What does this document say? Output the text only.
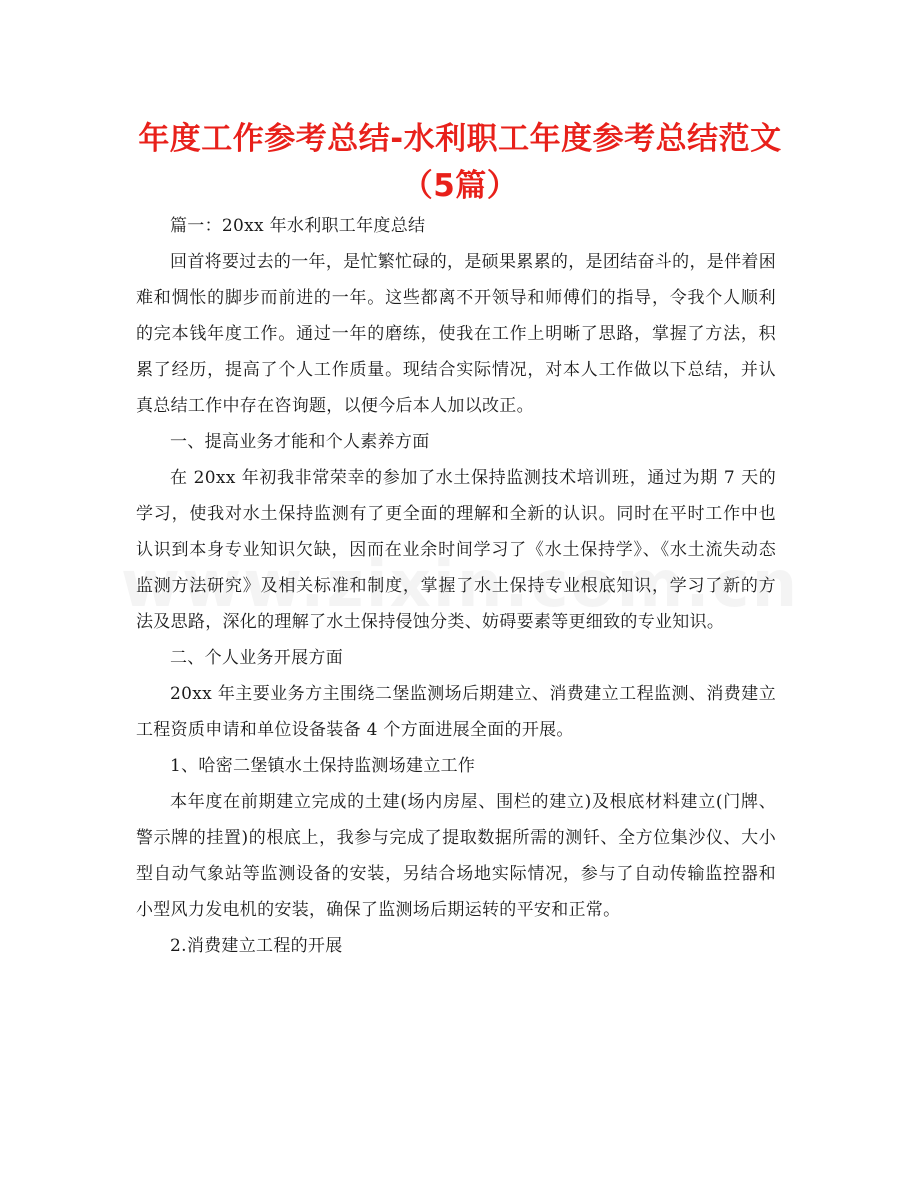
年度工作参考总结-水利职工年度参考总结范文
（5篇）

篇一：20xx 年水利职工年度总结

回首将要过去的一年，是忙繁忙碌的，是硕果累累的，是团结奋斗的，是伴着困难和惆怅的脚步而前进的一年。这些都离不开领导和师傅们的指导，令我个人顺利的完本钱年度工作。通过一年的磨练，使我在工作上明晰了思路，掌握了方法，积累了经历，提高了个人工作质量。现结合实际情况，对本人工作做以下总结，并认真总结工作中存在咨询题，以便今后本人加以改正。

一、提高业务才能和个人素养方面

在 20xx 年初我非常荣幸的参加了水土保持监测技术培训班，通过为期 7 天的学习，使我对水土保持监测有了更全面的理解和全新的认识。同时在平时工作中也认识到本身专业知识欠缺，因而在业余时间学习了《水土保持学》、《水土流失动态监测方法研究》及相关标准和制度，掌握了水土保持专业根底知识，学习了新的方法及思路，深化的理解了水土保持侵蚀分类、妨碍要素等更细致的专业知识。

二、个人业务开展方面

20xx 年主要业务方主围绕二堡监测场后期建立、消费建立工程监测、消费建立工程资质申请和单位设备装备 4 个方面进展全面的开展。

1、哈密二堡镇水土保持监测场建立工作

本年度在前期建立完成的土建(场内房屋、围栏的建立)及根底材料建立(门牌、警示牌的挂置)的根底上，我参与完成了提取数据所需的测钎、全方位集沙仪、大小型自动气象站等监测设备的安装，另结合场地实际情况，参与了自动传输监控器和小型风力发电机的安装，确保了监测场后期运转的平安和正常。

2.消费建立工程的开展
